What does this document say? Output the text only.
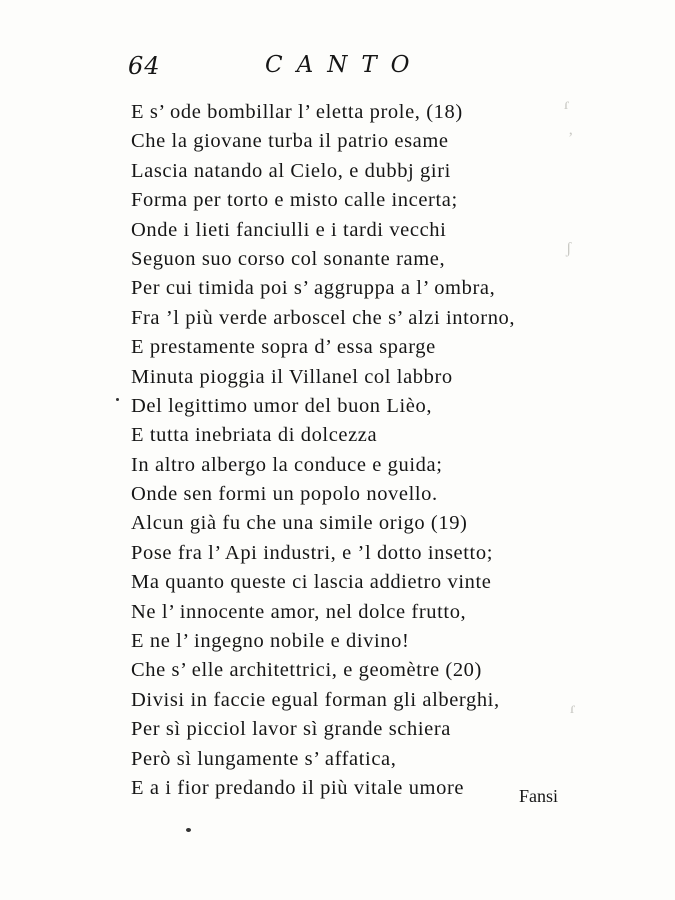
64	CANTO
E s’ ode bombillar l’ eletta prole, (18)
Che la giovane turba il patrio esame
Lascia natando al Cielo, e dubbj giri
Forma per torto e misto calle incerta;
Onde i lieti fanciulli e i tardi vecchi
Seguon suo corso col sonante rame,
Per cui timida poi s’ aggruppa a l’ ombra,
Fra ’l più verde arboscel che s’ alzi intorno,
E prestamente sopra d’ essa sparge
Minuta pioggia il Villanel col labbro
Del legittimo umor del buon Lièo,
E tutta inebriata di dolcezza
In altro albergo la conduce e guida;
Onde sen formi un popolo novello.
Alcun già fu che una simile origo (19)
Pose fra l’ Api industri, e ’l dotto insetto;
Ma quanto queste ci lascia addietro vinte
Ne l’ innocente amor, nel dolce frutto,
E ne l’ ingegno nobile e divino!
Che s’ elle architettrici, e geomètre (20)
Divisi in faccie egual forman gli alberghi,
Per sì picciol lavor sì grande schiera
Però sì lungamente s’ affatica,
E a i fior predando il più vitale umore	Fansi
ɾ
’
ʃ
ɾ
